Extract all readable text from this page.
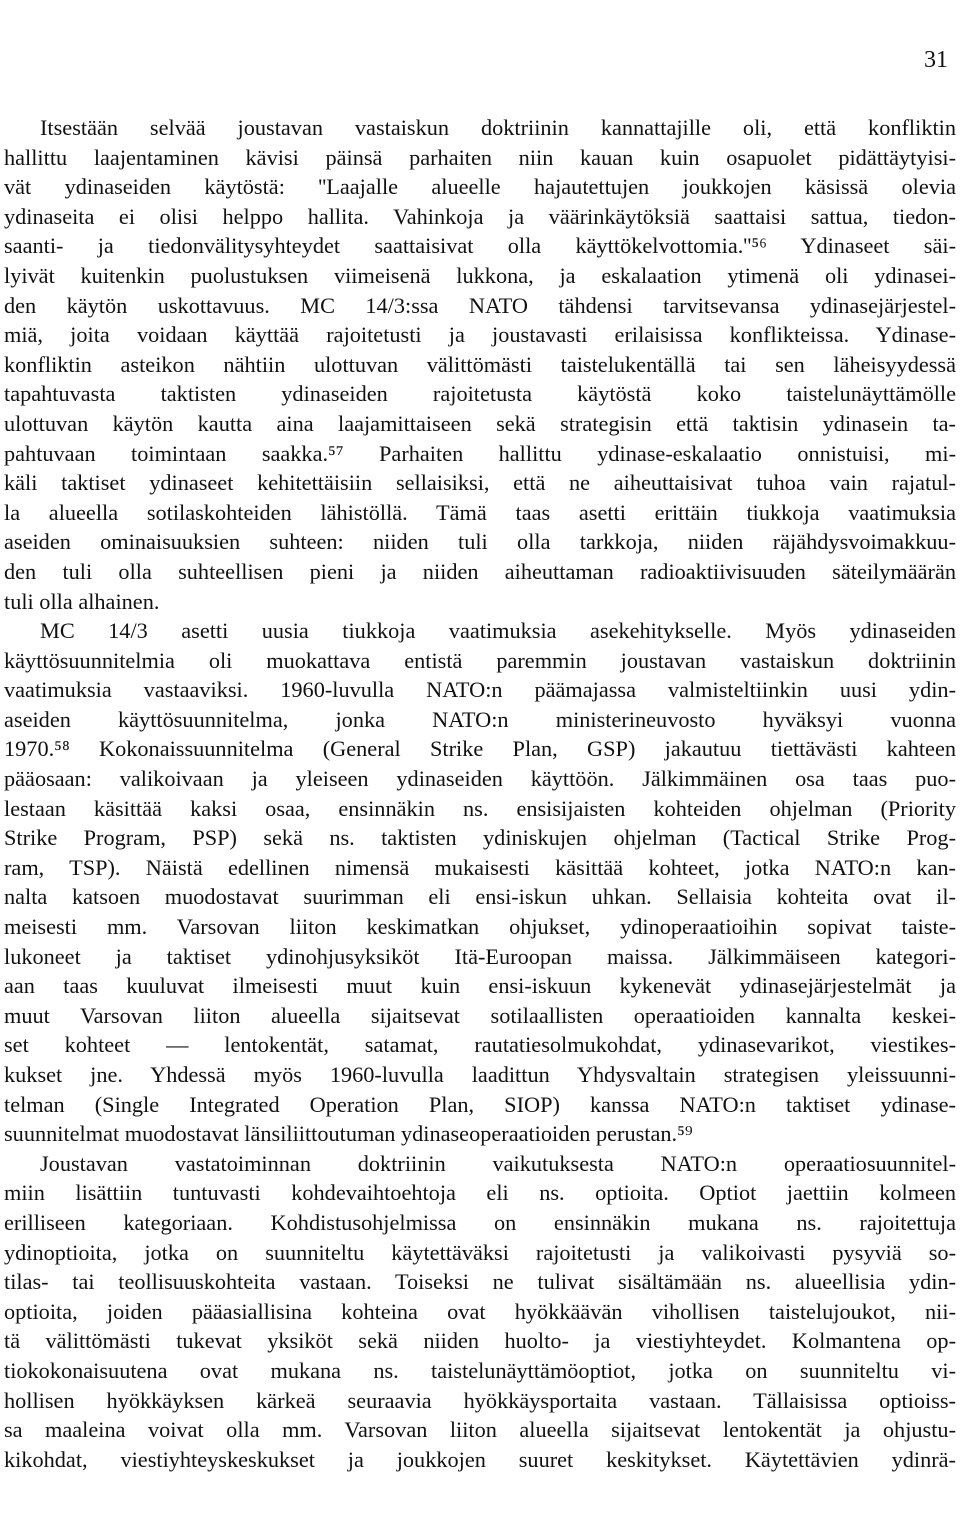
31
Itsestään selvää joustavan vastaiskun doktriinin kannattajille oli, että konfliktin
hallittu laajentaminen kävisi päinsä parhaiten niin kauan kuin osapuolet pidättäytyisi-
vät ydinaseiden käytöstä: ''Laajalle alueelle hajautettujen joukkojen käsissä olevia
ydinaseita ei olisi helppo hallita. Vahinkoja ja väärinkäytöksiä saattaisi sattua, tiedon-
saanti- ja tiedonvälitysyhteydet saattaisivat olla käyttökelvottomia.''⁵⁶ Ydinaseet säi-
lyivät kuitenkin puolustuksen viimeisenä lukkona, ja eskalaation ytimenä oli ydinasei-
den käytön uskottavuus. MC 14/3:ssa NATO tähdensi tarvitsevansa ydinasejärjestel-
miä, joita voidaan käyttää rajoitetusti ja joustavasti erilaisissa konflikteissa. Ydinase-
konfliktin asteikon nähtiin ulottuvan välittömästi taistelukentällä tai sen läheisyydessä
tapahtuvasta taktisten ydinaseiden rajoitetusta käytöstä koko taistelunäyttämölle
ulottuvan käytön kautta aina laajamittaiseen sekä strategisin että taktisin ydinasein ta-
pahtuvaan toimintaan saakka.⁵⁷ Parhaiten hallittu ydinase-eskalaatio onnistuisi, mi-
käli taktiset ydinaseet kehitettäisiin sellaisiksi, että ne aiheuttaisivat tuhoa vain rajatul-
la alueella sotilaskohteiden lähistöllä. Tämä taas asetti erittäin tiukkoja vaatimuksia
aseiden ominaisuuksien suhteen: niiden tuli olla tarkkoja, niiden räjähdysvoimakkuu-
den tuli olla suhteellisen pieni ja niiden aiheuttaman radioaktiivisuuden säteilymäärän
tuli olla alhainen.
MC 14/3 asetti uusia tiukkoja vaatimuksia asekehitykselle. Myös ydinaseiden
käyttösuunnitelmia oli muokattava entistä paremmin joustavan vastaiskun doktriinin
vaatimuksia vastaaviksi. 1960-luvulla NATO:n päämajassa valmisteltiinkin uusi ydin-
aseiden käyttösuunnitelma, jonka NATO:n ministerineuvosto hyväksyi vuonna
1970.⁵⁸ Kokonaissuunnitelma (General Strike Plan, GSP) jakautuu tiettävästi kahteen
pääosaan: valikoivaan ja yleiseen ydinaseiden käyttöön. Jälkimmäinen osa taas puo-
lestaan käsittää kaksi osaa, ensinnäkin ns. ensisijaisten kohteiden ohjelman (Priority
Strike Program, PSP) sekä ns. taktisten ydiniskujen ohjelman (Tactical Strike Prog-
ram, TSP). Näistä edellinen nimensä mukaisesti käsittää kohteet, jotka NATO:n kan-
nalta katsoen muodostavat suurimman eli ensi-iskun uhkan. Sellaisia kohteita ovat il-
meisesti mm. Varsovan liiton keskimatkan ohjukset, ydinoperaatioihin sopivat taiste-
lukoneet ja taktiset ydinohjusyksiköt Itä-Euroopan maissa. Jälkimmäiseen kategori-
aan taas kuuluvat ilmeisesti muut kuin ensi-iskuun kykenevät ydinasejärjestelmät ja
muut Varsovan liiton alueella sijaitsevat sotilaallisten operaatioiden kannalta keskei-
set kohteet — lentokentät, satamat, rautatiesolmukohdat, ydinasevarikot, viestikes-
kukset jne. Yhdessä myös 1960-luvulla laadittun Yhdysvaltain strategisen yleissuunni-
telman (Single Integrated Operation Plan, SIOP) kanssa NATO:n taktiset ydinase-
suunnitelmat muodostavat länsiliittoutuman ydinaseoperaatioiden perustan.⁵⁹
Joustavan vastatoiminnan doktriinin vaikutuksesta NATO:n operaatiosuunnitel-
miin lisättiin tuntuvasti kohdevaihtoehtoja eli ns. optioita. Optiot jaettiin kolmeen
erilliseen kategoriaan. Kohdistusohjelmissa on ensinnäkin mukana ns. rajoitettuja
ydinoptioita, jotka on suunniteltu käytettäväksi rajoitetusti ja valikoivasti pysyviä so-
tilas- tai teollisuuskohteita vastaan. Toiseksi ne tulivat sisältämään ns. alueellisia ydin-
optioita, joiden pääasiallisina kohteina ovat hyökkäävän vihollisen taistelujoukot, nii-
tä välittömästi tukevat yksiköt sekä niiden huolto- ja viestiyhteydet. Kolmantena op-
tiokokonaisuutena ovat mukana ns. taistelunäyttämöoptiot, jotka on suunniteltu vi-
hollisen hyökkäyksen kärkeä seuraavia hyökkäysportaita vastaan. Tällaisissa optioiss-
sa maaleina voivat olla mm. Varsovan liiton alueella sijaitsevat lentokentät ja ohjustu-
kikohdat, viestiyhteyskeskukset ja joukkojen suuret keskitykset. Käytettävien ydinrä-
